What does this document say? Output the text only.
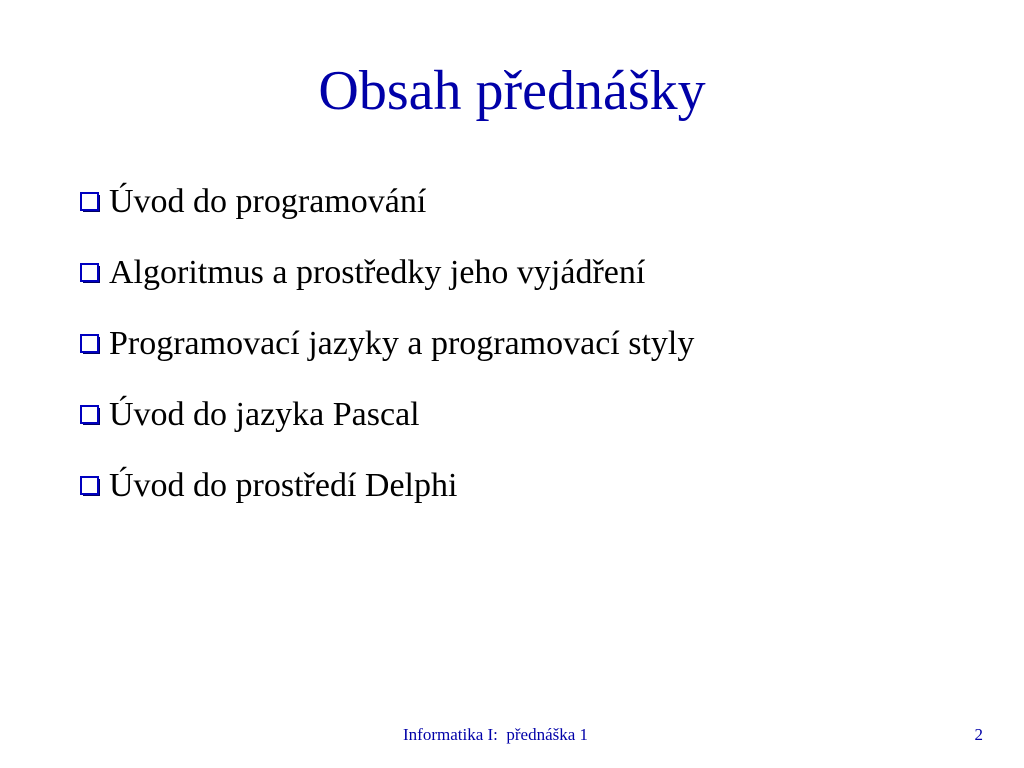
Obsah přednášky
Úvod do programování
Algoritmus a prostředky jeho vyjádření
Programovací jazyky a programovací styly
Úvod do jazyka Pascal
Úvod do prostředí Delphi
Informatika I:  přednáška 1	2
